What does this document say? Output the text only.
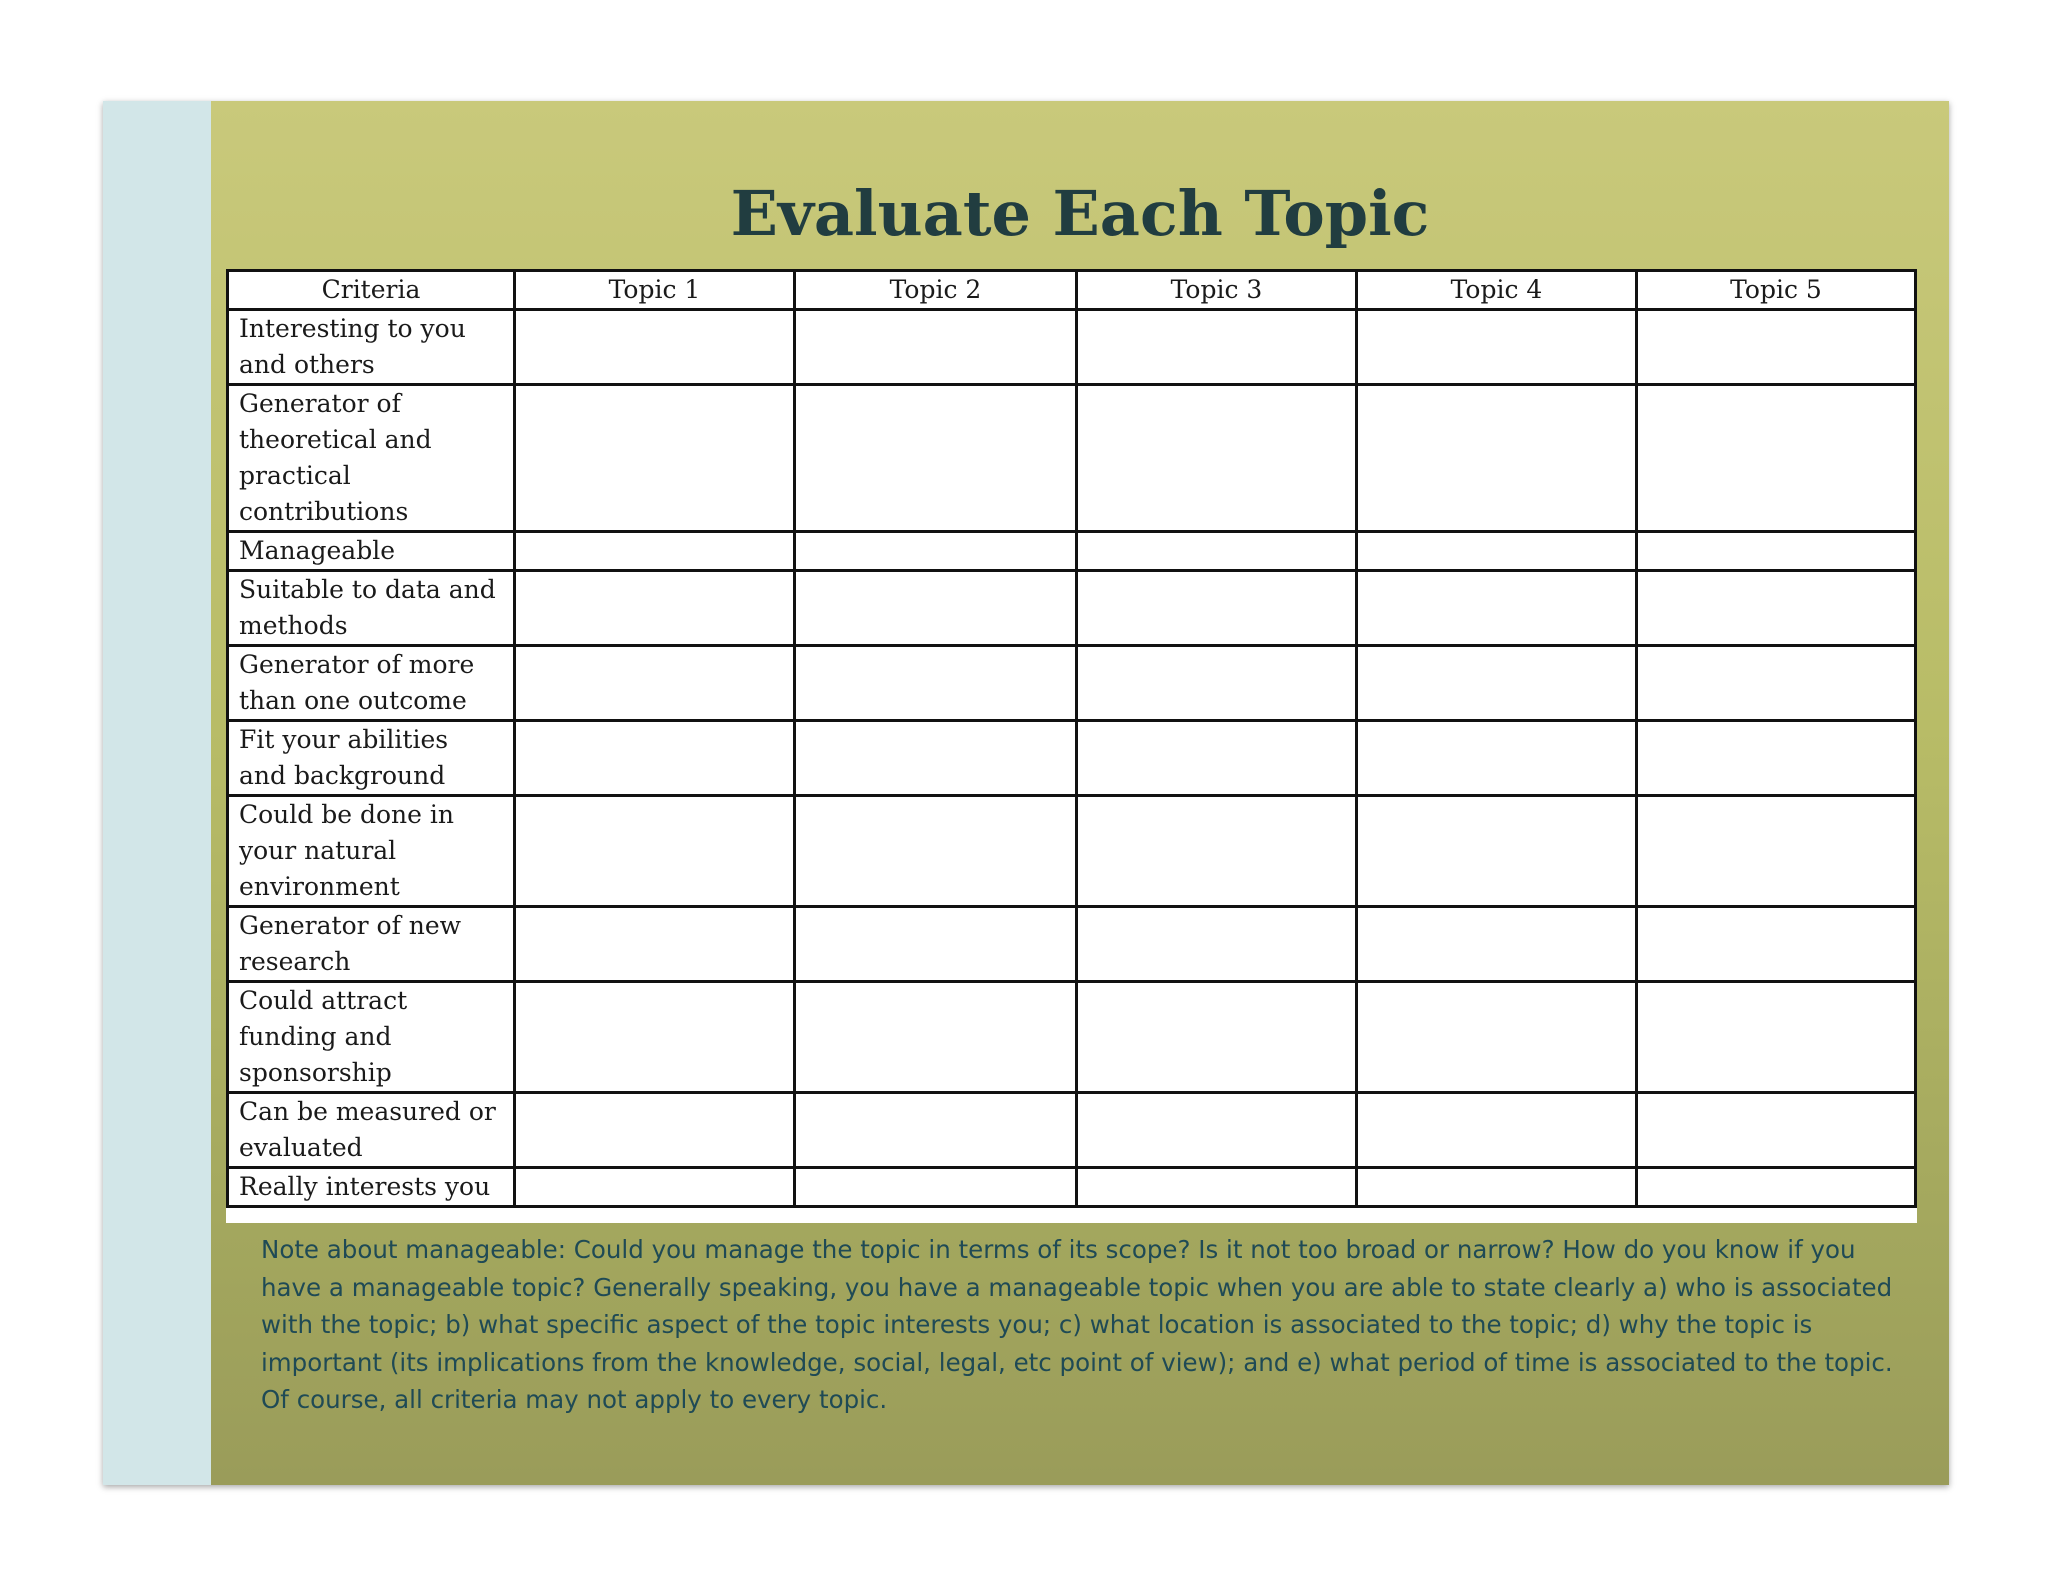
Evaluate Each Topic
Criteria	Topic 1	Topic 2	Topic 3	Topic 4	Topic 5
Interesting to you and others					
Generator of theoretical and practical contributions					
Manageable					
Suitable to data and methods					
Generator of more than one outcome					
Fit your abilities and background					
Could be done in your natural environment					
Generator of new research					
Could attract funding and sponsorship					
Can be measured or evaluated					
Really interests you					

Note about manageable: Could you manage the topic in terms of its scope? Is it not too broad or narrow? How do you know if you have a manageable topic? Generally speaking, you have a manageable topic when you are able to state clearly a) who is associated with the topic; b) what specific aspect of the topic interests you; c) what location is associated to the topic; d) why the topic is important (its implications from the knowledge, social, legal, etc point of view); and e) what period of time is associated to the topic. Of course, all criteria may not apply to every topic.
